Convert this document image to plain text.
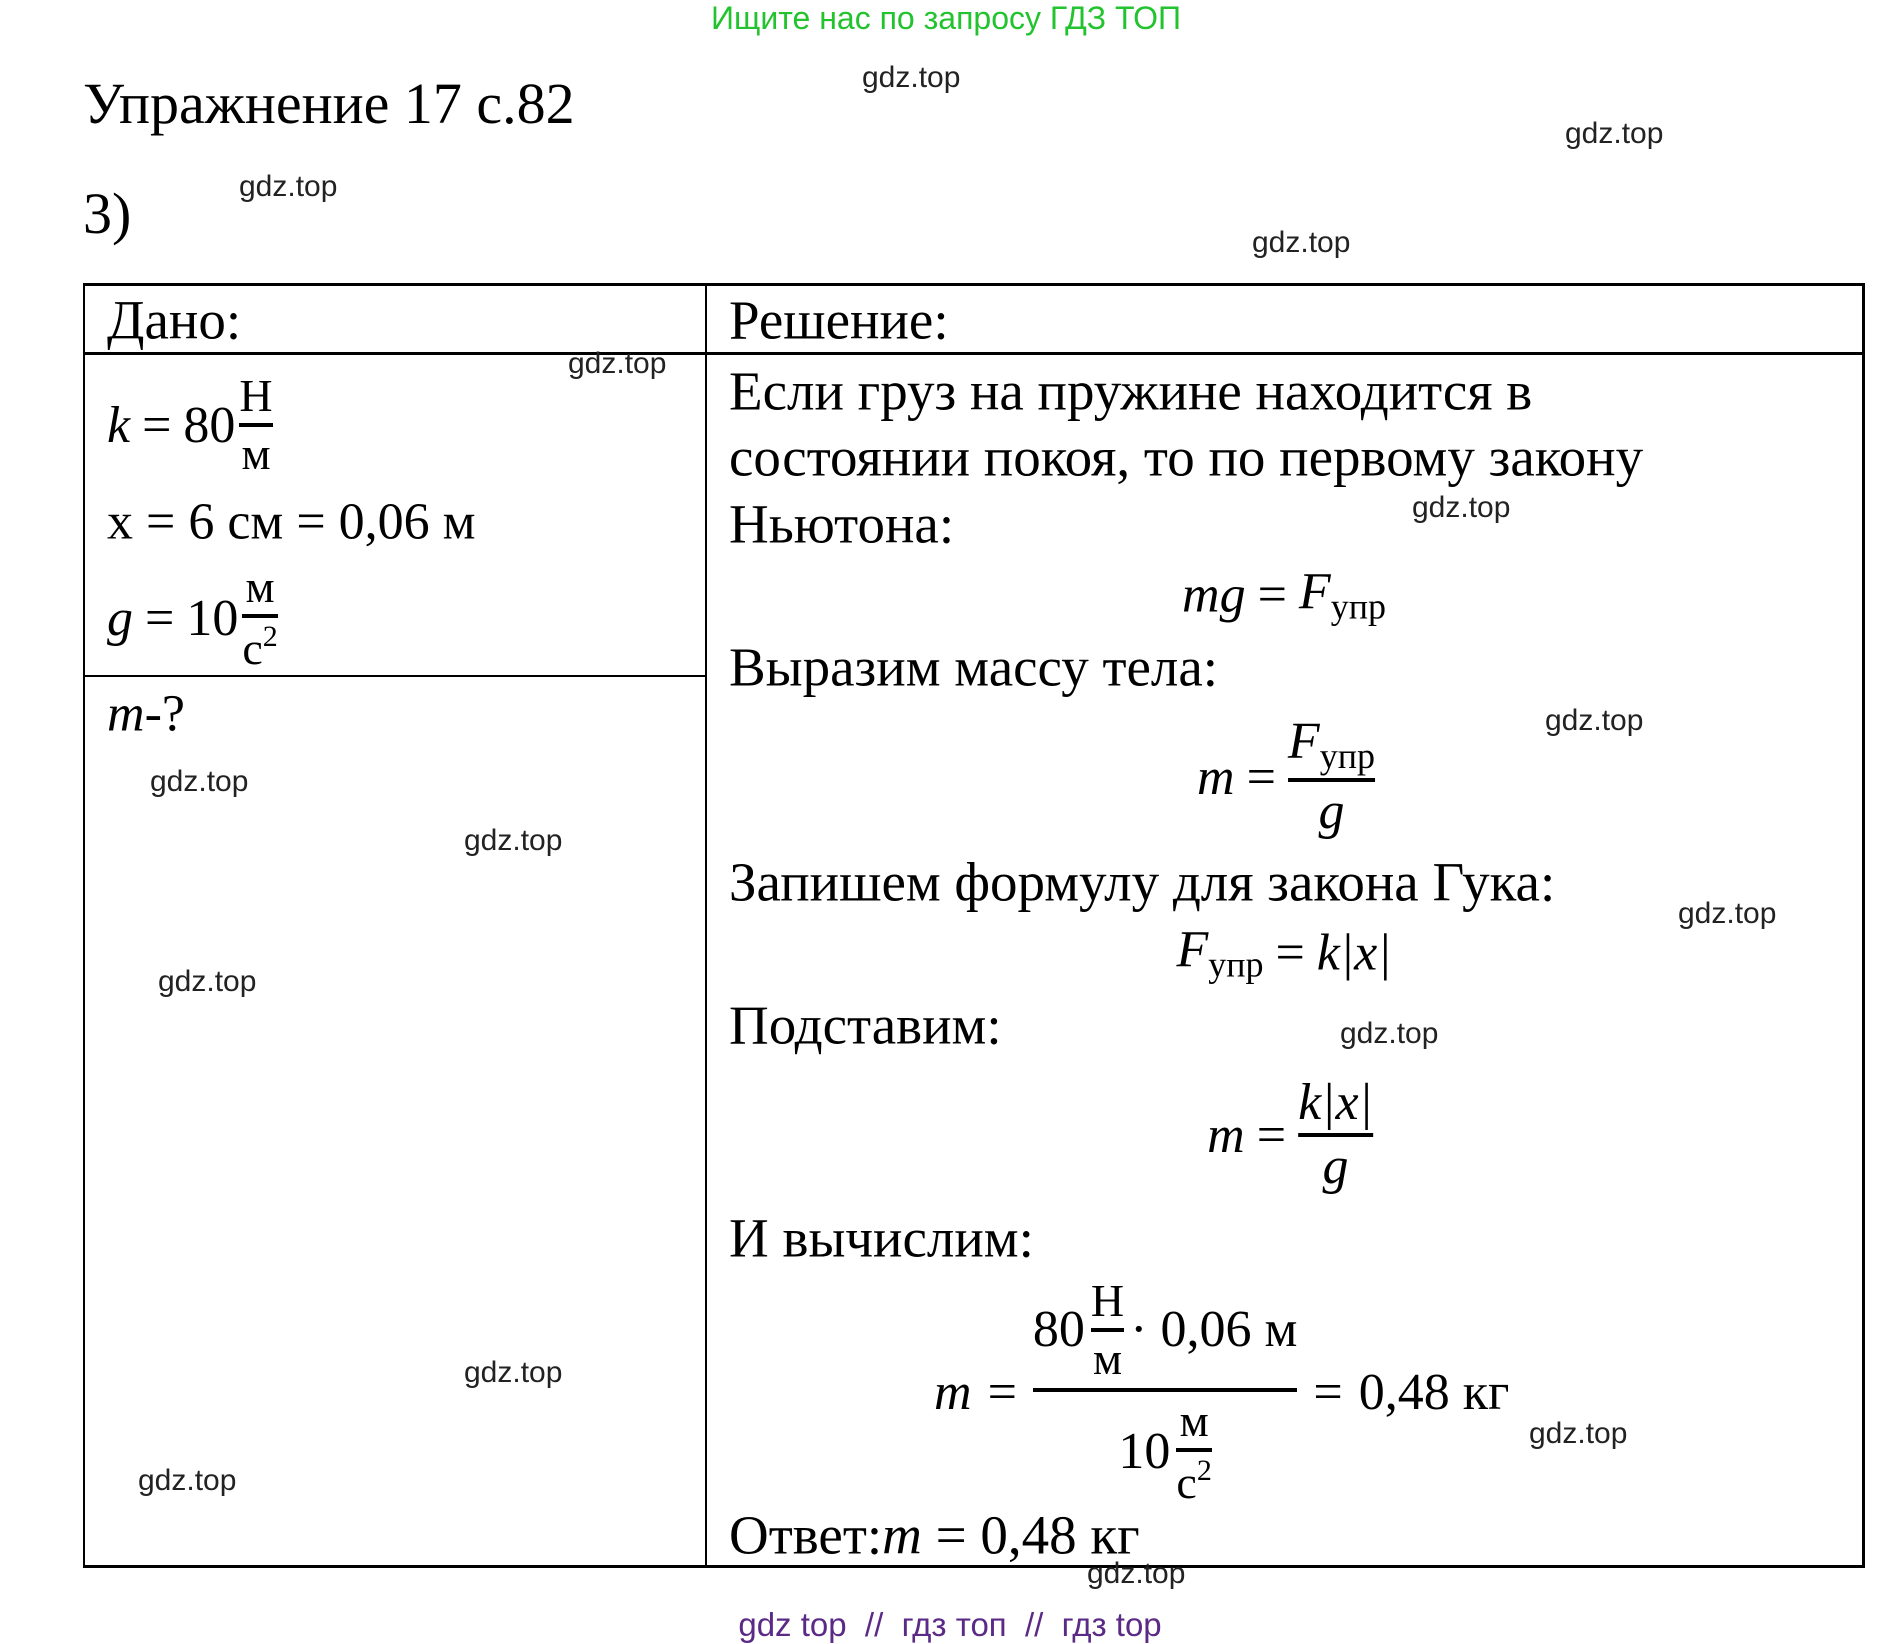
Ищите нас по запросу ГДЗ ТОП
Упражнение 17 с.82
3)
Дано:	Решение:
$k = 80 \frac{Н}{м}$
x = 6 см = 0,06 м
$g = 10 \frac{м}{с^2}$
m -?
Если груз на пружине находится в
состоянии покоя, то по первому закону
Ньютона:
mg = $F_{упр}$
Выразим массу тела:
$m = \frac{F_{упр}}{g}$
Запишем формулу для закона Гука:
$F_{упр} = k|x|$
Подставим:
$m = \frac{k|x|}{g}$
И вычислим:
$m = \frac{80 \frac{Н}{м} \cdot 0,06 м}{10 \frac{м}{с^2}} = 0,48$ кг
Ответ:m = 0,48 кг
gdz.top
gdz.top
gdz.top
gdz.top
gdz.top
gdz.top
gdz.top
gdz.top
gdz.top
gdz.top
gdz.top
gdz.top
gdz.top
gdz.top
gdz.top
gdz.top
gdz top  //  гдз топ  //  гдз top
